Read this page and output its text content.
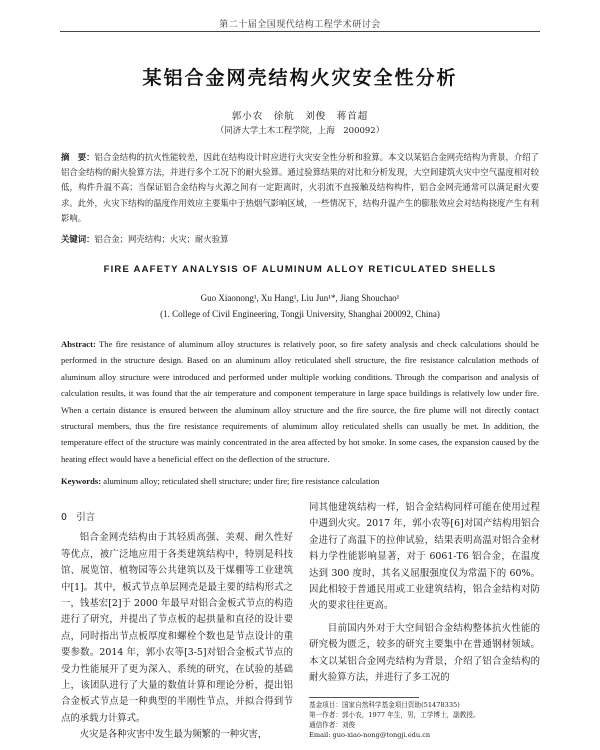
第二十届全国现代结构工程学术研讨会
某铝合金网壳结构火灾安全性分析
郭小农　徐航　刘俊　蒋首超
（同济大学土木工程学院，上海　200092）
摘　要：铝合金结构的抗火性能较差，因此在结构设计时应进行火灾安全性分析和验算。本文以某铝合金网壳结构为背景，介绍了铝合金结构的耐火验算方法，并进行多个工况下的耐火验算。通过验算结果的对比和分析发现，大空间建筑火灾中空气温度相对较低，构件升温不高；当保证铝合金结构与火源之间有一定距离时，火羽流不直接触及结构构件，铝合金网壳通常可以满足耐火要求。此外，火灾下结构的温度作用效应主要集中于热烟气影响区域，一些情况下，结构升温产生的膨胀效应会对结构挠度产生有利影响。
关键词：铝合金；网壳结构；火灾；耐火验算
FIRE AAFETY ANALYSIS OF ALUMINUM ALLOY RETICULATED SHELLS
Guo Xiaonong¹, Xu Hang¹, Liu Jun¹*, Jiang Shouchao¹
(1. College of Civil Engineering, Tongji University, Shanghai 200092, China)
Abstract: The fire resistance of aluminum alloy structures is relatively poor, so fire safety analysis and check calculations should be performed in the structure design. Based on an aluminum alloy reticulated shell structure, the fire resistance calculation methods of aluminum alloy structure were introduced and performed under multiple working conditions. Through the comparison and analysis of calculation results, it was found that the air temperature and component temperature in large space buildings is relatively low under fire. When a certain distance is ensured between the aluminum alloy structure and the fire source, the fire plume will not directly contact structural members, thus the fire resistance requirements of aluminum alloy reticulated shells can usually be met. In addition, the temperature effect of the structure was mainly concentrated in the area affected by hot smoke. In some cases, the expansion caused by the heating effect would have a beneficial effect on the deflection of the structure.
Keywords: aluminum alloy; reticulated shell structure; under fire; fire resistance calculation
0　引言

铝合金网壳结构由于其轻质高强、美观、耐久性好等优点，被广泛地应用于各类建筑结构中，特别是科技馆、展览馆、植物园等公共建筑以及干煤棚等工业建筑中[1]。其中，板式节点单层网壳是最主要的结构形式之一，钱基宏[2]于 2000 年最早对铝合金板式节点的构造进行了研究，并提出了节点板的起拱量和直径的设计要点，同时指出节点板厚度和螺栓个数也是节点设计的重要参数。2014 年，郭小农等[3-5]对铝合金板式节点的受力性能展开了更为深入、系统的研究，在试验的基础上，该团队进行了大量的数值计算和理论分析，提出铝合金板式节点是一种典型的半刚性节点，并拟合得到节点的承载力计算式。

火灾是各种灾害中发生最为频繁的一种灾害，

同其他建筑结构一样，铝合金结构同样可能在使用过程中遇到火灾。2017 年，郭小农等[6]对国产结构用铝合金进行了高温下的拉伸试验，结果表明高温对铝合金材料力学性能影响显著，对于 6061-T6 铝合金，在温度达到 300 度时，其名义屈服强度仅为常温下的 60%。因此相较于普通民用或工业建筑结构，铝合金结构对防火的要求往往更高。

目前国内外对于大空间铝合金结构整体抗火性能的研究极为匮乏，较多的研究主要集中在普通钢材领域。本文以某铝合金网壳结构为背景，介绍了铝合金结构的耐火验算方法，并进行了多工况的

基金项目：国家自然科学基金项目资助(51478335)
第一作者：郭小农，1977 年生，男，工学博士，副教授。
通信作者：刘俊
Email: guo-xiao-nong@tongji.edu.cn
